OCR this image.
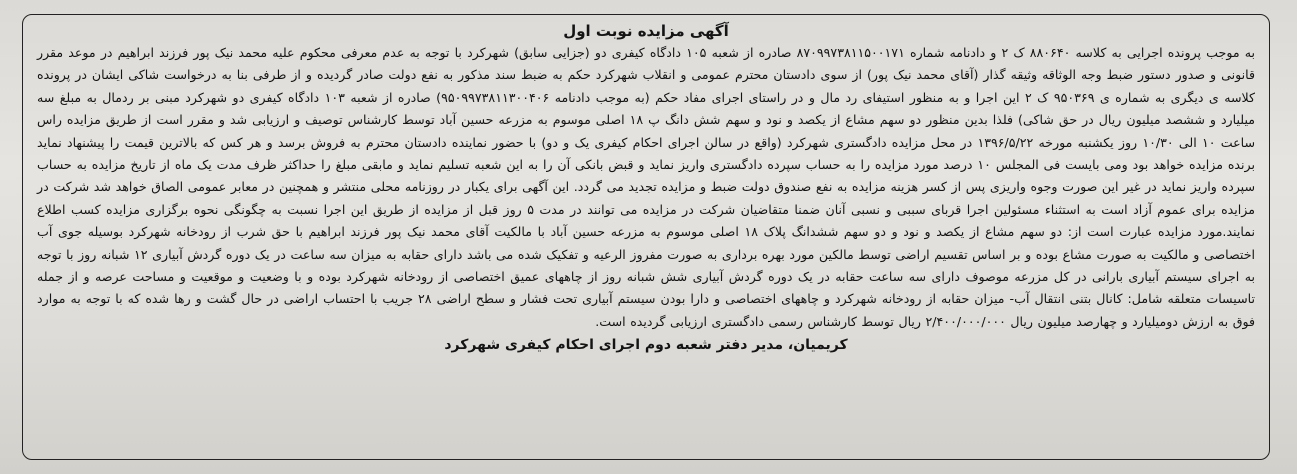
آگهی مزایده نوبت اول

به موجب پرونده اجرایی به کلاسه ۸۸۰۶۴۰ ک ۲ و دادنامه شماره ۸۷۰۹۹۷۳۸۱۱۵۰۰۱۷۱ صادره از شعبه ۱۰۵ دادگاه کیفری دو (جزایی سابق) شهرکرد با توجه به عدم معرفی محکوم علیه محمد نیک پور فرزند ابراهیم در موعد مقرر قانونی و صدور دستور ضبط وجه الوثاقه وثیقه گذار (آقای محمد نیک پور) از سوی دادستان محترم عمومی و انقلاب شهرکرد حکم به ضبط سند مذکور به نفع دولت صادر گردیده و از طرفی بنا به درخواست شاکی ایشان در پرونده کلاسه ی دیگری به شماره ی ۹۵۰۳۶۹ ک ۲ این اجرا و به منظور استیفای رد مال و در راستای اجرای مفاد حکم (به موجب دادنامه ۹۵۰۹۹۷۳۸۱۱۳۰۰۴۰۶) صادره از شعبه ۱۰۳ دادگاه کیفری دو شهرکرد مبنی بر ردمال به مبلغ سه میلیارد و ششصد میلیون ریال در حق شاکی) فلذا بدین منظور دو سهم مشاع از یکصد و نود و سهم شش دانگ پ ۱۸ اصلی موسوم به مزرعه حسین آباد توسط کارشناس توصیف و ارزیابی شد و مقرر است از طریق مزایده راس ساعت ۱۰ الی ۱۰/۳۰ روز یکشنبه مورخه ۱۳۹۶/۵/۲۲ در محل مزایده دادگستری شهرکرد (واقع در سالن اجرای احکام کیفری یک و دو) با حضور نماینده دادستان محترم به فروش برسد و هر کس که بالاترین قیمت را پیشنهاد نماید برنده مزایده خواهد بود ومی بایست فی المجلس ۱۰ درصد مورد مزایده را به حساب سپرده دادگستری واریز نماید و قبض بانکی آن را به این شعبه تسلیم نماید و مابقی مبلغ را حداکثر ظرف مدت یک ماه از تاریخ مزایده به حساب سپرده واریز نماید در غیر این صورت وجوه واریزی پس از کسر هزینه مزایده به نفع صندوق دولت ضبط و مزایده تجدید می گردد. این آگهی برای یکبار در روزنامه محلی منتشر و همچنین در معابر عمومی الصاق خواهد شد شرکت در مزایده برای عموم آزاد است به استثناء مسئولین اجرا قربای سببی و نسبی آنان ضمنا متقاضیان شرکت در مزایده می توانند در مدت ۵ روز قبل از مزایده از طریق این اجرا نسبت به چگونگی نحوه برگزاری مزایده کسب اطلاع نمایند.مورد مزایده عبارت است از: دو سهم مشاع از یکصد و نود و دو سهم ششدانگ پلاک ۱۸ اصلی موسوم به مزرعه حسین آباد با مالکیت آقای محمد نیک پور فرزند ابراهیم با حق شرب از رودخانه شهرکرد بوسیله جوی آب اختصاصی و مالکیت به صورت مشاع بوده و بر اساس تقسیم اراضی توسط مالکین مورد بهره برداری به صورت مفروز الرعیه و تفکیک شده می باشد دارای حقابه به میزان سه ساعت در یک دوره گردش آبیاری ۱۲ شبانه روز با توجه به اجرای سیستم آبیاری بارانی در کل مزرعه موصوف دارای سه ساعت حقابه در یک دوره گردش آبیاری شش شبانه روز از چاههای عمیق اختصاصی از رودخانه شهرکرد بوده و با وضعیت و موقعیت و مساحت عرصه و از جمله تاسیسات متعلقه شامل: کانال بتنی انتقال آب- میزان حقابه از رودخانه شهرکرد و چاههای اختصاصی و دارا بودن سیستم آبیاری تحت فشار و سطح اراضی ۲۸ جریب با احتساب اراضی در حال گشت و رها شده که با توجه به موارد فوق به ارزش دومیلیارد و چهارصد میلیون ریال ۲/۴۰۰/۰۰۰/۰۰۰ ریال توسط کارشناس رسمی دادگستری ارزیابی گردیده است.

کریمیان، مدیر دفتر شعبه دوم اجرای احکام کیفری شهرکرد
